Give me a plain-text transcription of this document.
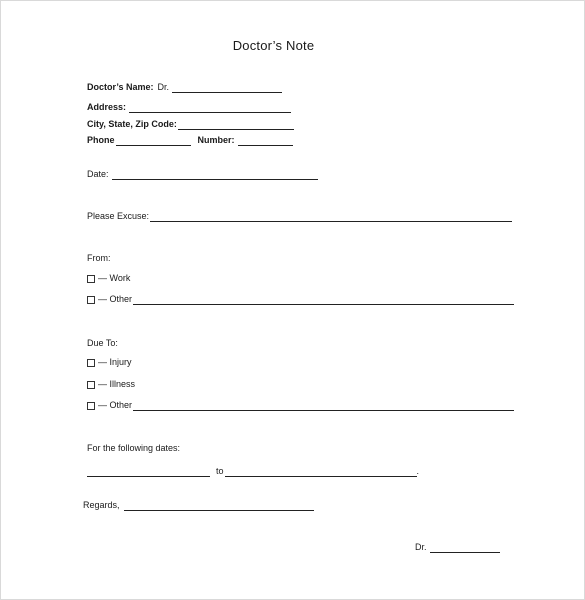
Doctor’s Note
Doctor’s Name: Dr.
Address:
City, State, Zip Code:
Phone	Number:
Date:
Please Excuse:
From:
— Work
— Other
Due To:
— Injury
— Illness
— Other
For the following dates:
to	.
Regards,
Dr.
